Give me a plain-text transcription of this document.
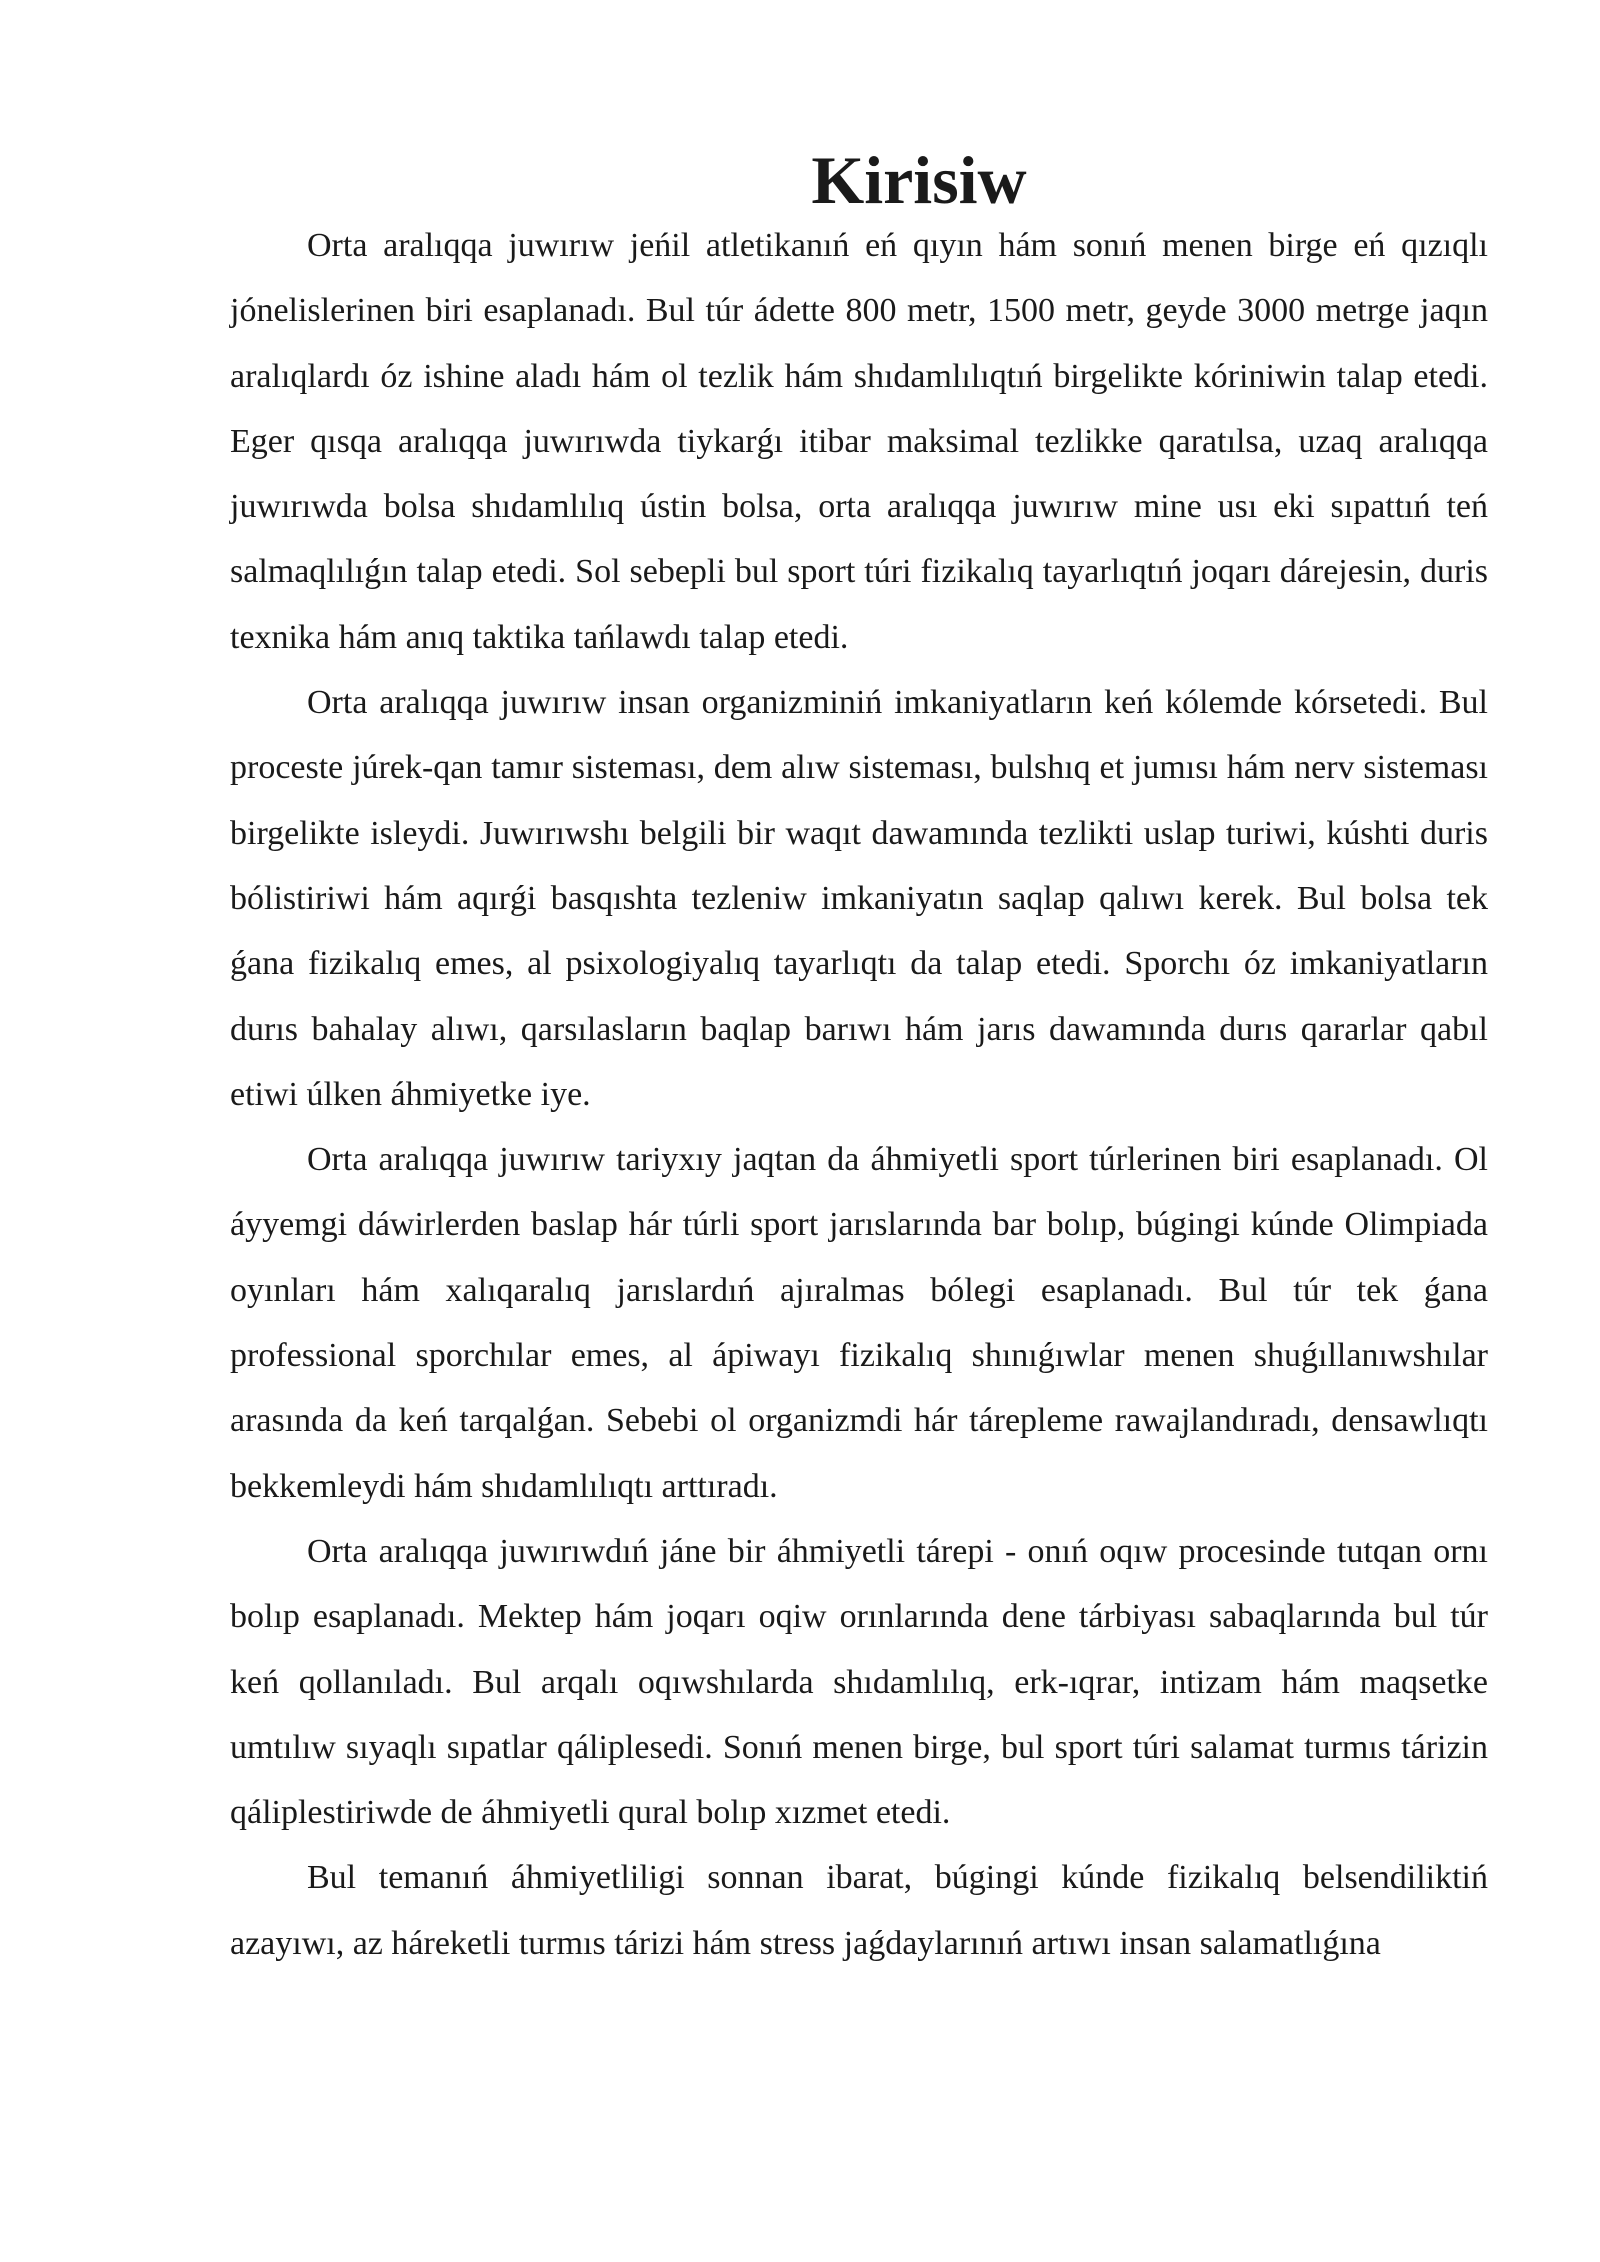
Kirisiw

Orta aralıqqa juwırıw jeńil atletikanıń eń qıyın hám sonıń menen birge eń qızıqlı jónelislerinen biri esaplanadı. Bul túr ádette 800 metr, 1500 metr, geyde 3000 metrge jaqın aralıqlardı óz ishine aladı hám ol tezlik hám shıdamlılıqtıń birgelikte kóriniwin talap etedi. Eger qısqa aralıqqa juwırıwda tiykarǵı itibar maksimal tezlikke qaratılsa, uzaq aralıqqa juwırıwda bolsa shıdamlılıq ústin bolsa, orta aralıqqa juwırıw mine usı eki sıpattıń teń salmaqlılıǵın talap etedi. Sol sebepli bul sport túri fizikalıq tayarlıqtıń joqarı dárejesin, duris texnika hám anıq taktika tańlawdı talap etedi.

Orta aralıqqa juwırıw insan organizminiń imkaniyatların keń kólemde kórsetedi. Bul proceste júrek-qan tamır sisteması, dem alıw sisteması, bulshıq et jumısı hám nerv sisteması birgelikte isleydi. Juwırıwshı belgili bir waqıt dawamında tezlikti uslap turiwi, kúshti duris bólistiriwi hám aqırǵi basqıshta tezleniw imkaniyatın saqlap qalıwı kerek. Bul bolsa tek ǵana fizikalıq emes, al psixologiyalıq tayarlıqtı da talap etedi. Sporchı óz imkaniyatların durıs bahalay alıwı, qarsılasların baqlap barıwı hám jarıs dawamında durıs qararlar qabıl etiwi úlken áhmiyetke iye.

Orta aralıqqa juwırıw tariyxıy jaqtan da áhmiyetli sport túrlerinen biri esaplanadı. Ol áyyemgi dáwirlerden baslap hár túrli sport jarıslarında bar bolıp, búgingi kúnde Olimpiada oyınları hám xalıqaralıq jarıslardıń ajıralmas bólegi esaplanadı. Bul túr tek ǵana professional sporchılar emes, al ápiwayı fizikalıq shınıǵıwlar menen shuǵıllanıwshılar arasında da keń tarqalǵan. Sebebi ol organizmdi hár tárepleme rawajlandıradı, densawlıqtı bekkemleydi hám shıdamlılıqtı arttıradı.

Orta aralıqqa juwırıwdıń jáne bir áhmiyetli tárepi - onıń oqıw procesinde tutqan ornı bolıp esaplanadı. Mektep hám joqarı oqiw orınlarında dene tárbiyası sabaqlarında bul túr keń qollanıladı. Bul arqalı oqıwshılarda shıdamlılıq, erk-ıqrar, intizam hám maqsetke umtılıw sıyaqlı sıpatlar qáliplesedi. Sonıń menen birge, bul sport túri salamat turmıs tárizin qáliplestiriwde de áhmiyetli qural bolıp xızmet etedi.

Bul temanıń áhmiyetliligi sonnan ibarat, búgingi kúnde fizikalıq belsendiliktiń azayıwı, az háreketli turmıs tárizi hám stress jaǵdaylarınıń artıwı insan salamatlıǵına
